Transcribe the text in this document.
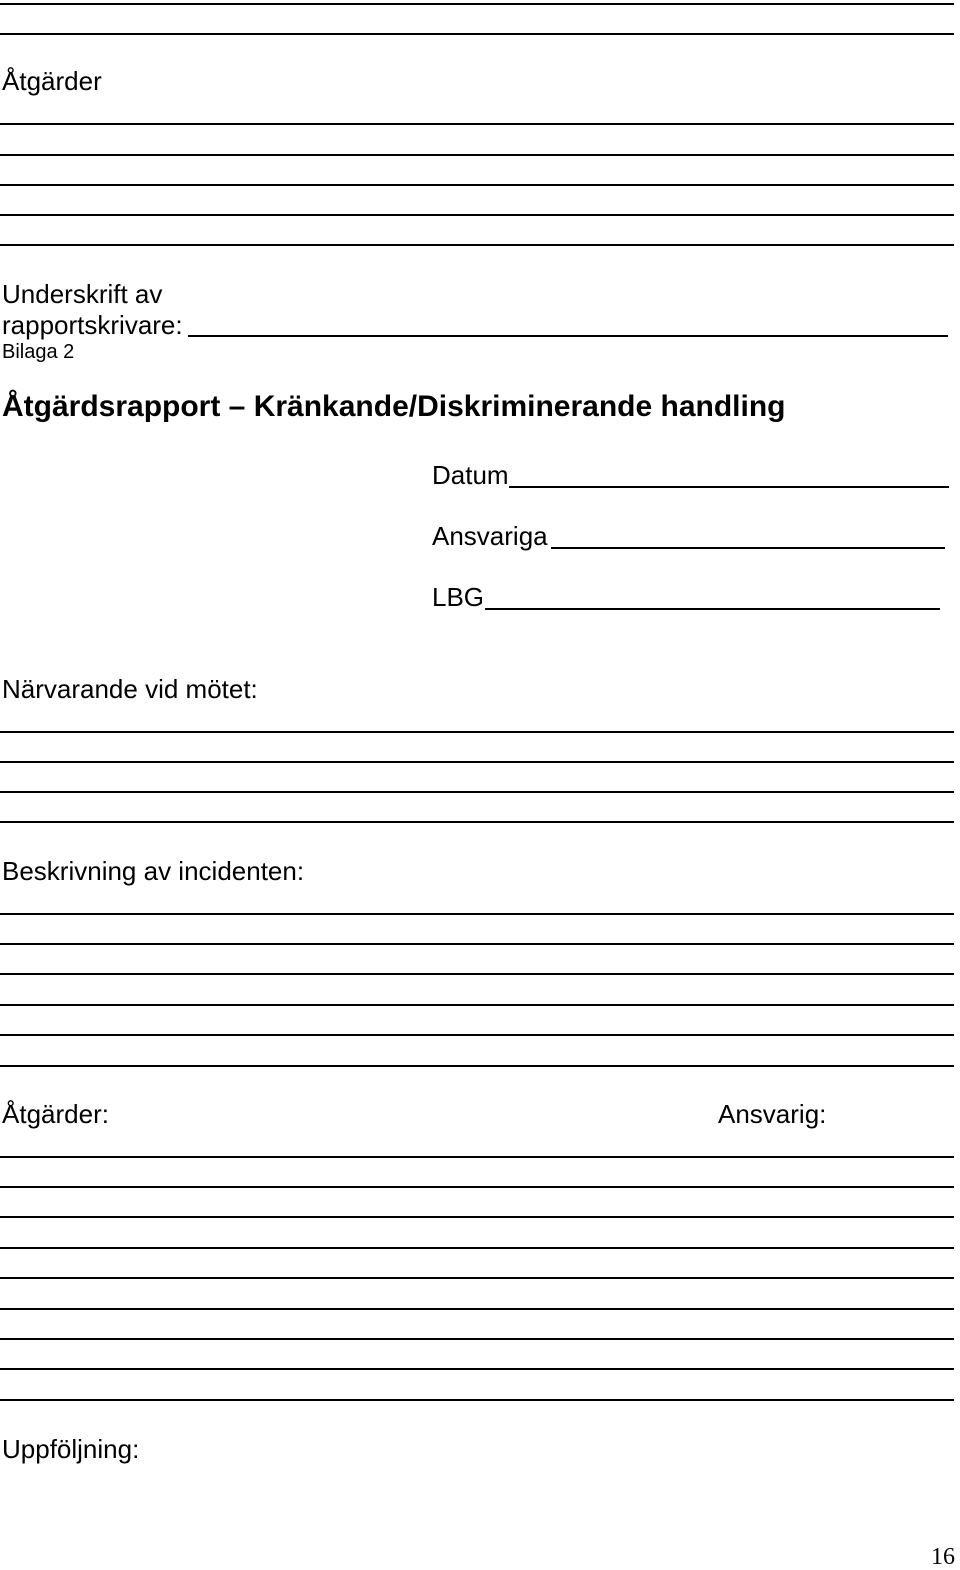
Åtgärder
Underskrift av
rapportskrivare:
Bilaga 2
Åtgärdsrapport – Kränkande/Diskriminerande handling
Datum
Ansvariga
LBG
Närvarande vid mötet:
Beskrivning av incidenten:
Åtgärder:	Ansvarig:
Uppföljning:
16
